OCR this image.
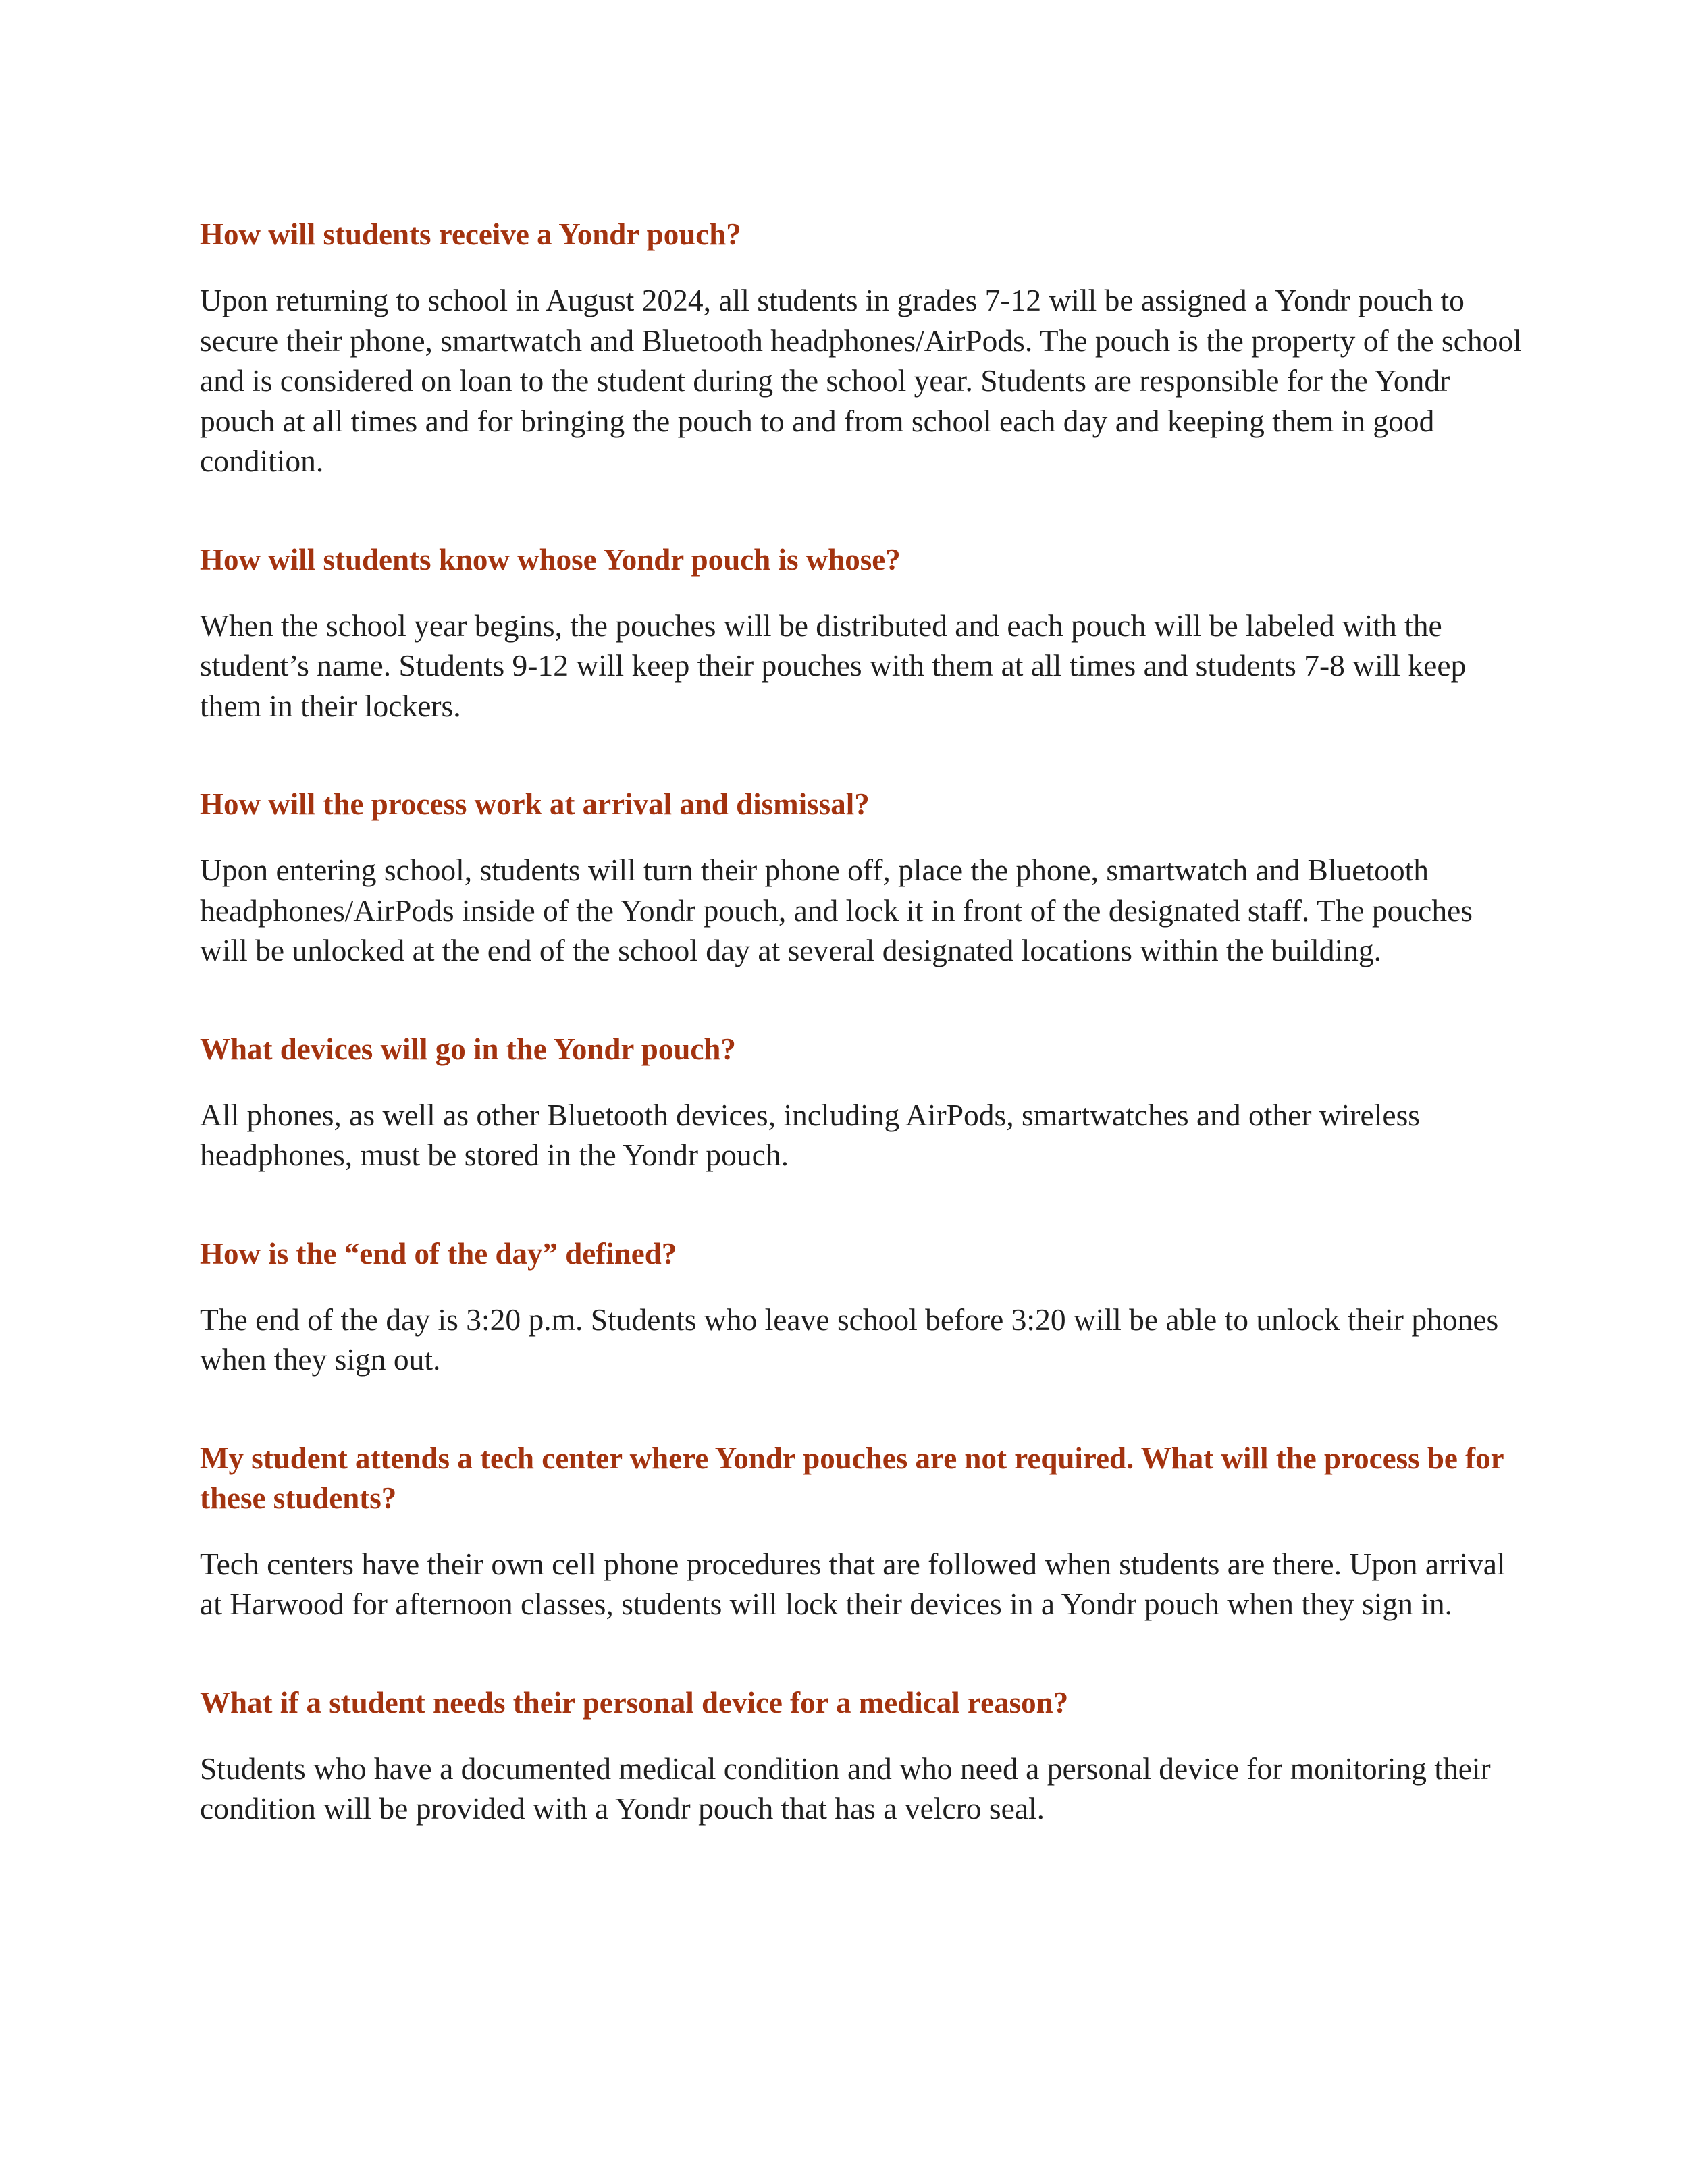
How will students receive a Yondr pouch?

Upon returning to school in August 2024, all students in grades 7-12 will be assigned a Yondr pouch to secure their phone, smartwatch and Bluetooth headphones/AirPods. The pouch is the property of the school and is considered on loan to the student during the school year. Students are responsible for the Yondr pouch at all times and for bringing the pouch to and from school each day and keeping them in good condition.

How will students know whose Yondr pouch is whose?

When the school year begins, the pouches will be distributed and each pouch will be labeled with the student’s name. Students 9-12 will keep their pouches with them at all times and students 7-8 will keep them in their lockers.

How will the process work at arrival and dismissal?

Upon entering school, students will turn their phone off, place the phone, smartwatch and Bluetooth headphones/AirPods inside of the Yondr pouch, and lock it in front of the designated staff. The pouches will be unlocked at the end of the school day at several designated locations within the building.

What devices will go in the Yondr pouch?

All phones, as well as other Bluetooth devices, including AirPods, smartwatches and other wireless headphones, must be stored in the Yondr pouch.

How is the “end of the day” defined?

The end of the day is 3:20 p.m. Students who leave school before 3:20 will be able to unlock their phones when they sign out.

My student attends a tech center where Yondr pouches are not required. What will the process be for these students?

Tech centers have their own cell phone procedures that are followed when students are there. Upon arrival at Harwood for afternoon classes, students will lock their devices in a Yondr pouch when they sign in.

What if a student needs their personal device for a medical reason?

Students who have a documented medical condition and who need a personal device for monitoring their condition will be provided with a Yondr pouch that has a velcro seal.
